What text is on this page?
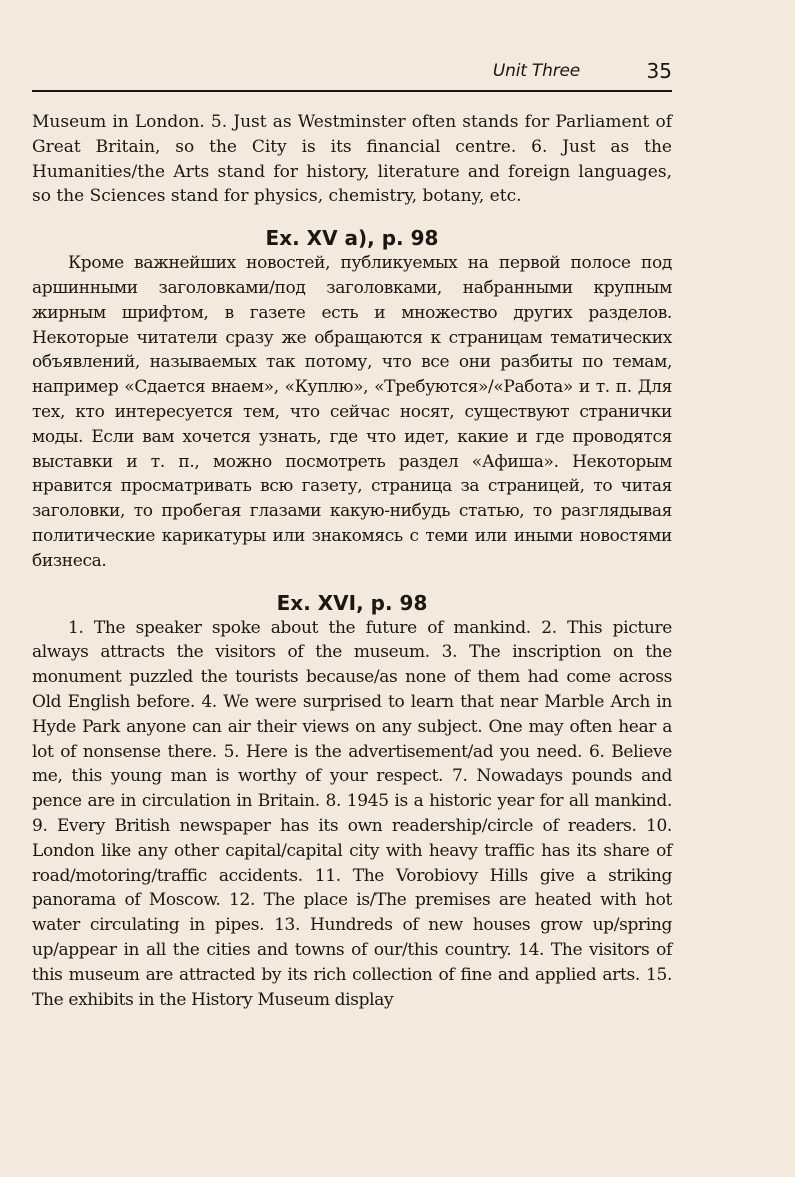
Unit Three	35

Museum in London. 5. Just as Westminster often stands for Parliament of Great Britain, so the City is its financial centre. 6. Just as the Humanities/the Arts stand for history, literature and foreign languages, so the Sciences stand for physics, chemistry, botany, etc.

Ex. XV a), p. 98

Кроме важнейших новостей, публикуемых на первой полосе под аршинными заголовками/под заголовками, набранными крупным жирным шрифтом, в газете есть и множество других разделов. Некоторые читатели сразу же обращаются к страницам тематических объявлений, называемых так потому, что все они разбиты по темам, например «Сдается внаем», «Куплю», «Требуются»/«Работа» и т. п. Для тех, кто интересуется тем, что сейчас носят, существуют странички моды. Если вам хочется узнать, где что идет, какие и где проводятся выставки и т. п., можно посмотреть раздел «Афиша». Некоторым нравится просматривать всю газету, страница за страницей, то читая заголовки, то пробегая глазами какую-нибудь статью, то разглядывая политические карикатуры или знакомясь с теми или иными новостями бизнеса.

Ex. XVI, p. 98

1. The speaker spoke about the future of mankind. 2. This picture always attracts the visitors of the museum. 3. The inscription on the monument puzzled the tourists because/as none of them had come across Old English before. 4. We were surprised to learn that near Marble Arch in Hyde Park anyone can air their views on any subject. One may often hear a lot of nonsense there. 5. Here is the advertisement/ad you need. 6. Believe me, this young man is worthy of your respect. 7. Nowadays pounds and pence are in circulation in Britain. 8. 1945 is a historic year for all mankind. 9. Every British newspaper has its own readership/circle of readers. 10. London like any other capital/capital city with heavy traffic has its share of road/motoring/traffic accidents. 11. The Vorobiovy Hills give a striking panorama of Moscow. 12. The place is/The premises are heated with hot water circulating in pipes. 13. Hundreds of new houses grow up/spring up/appear in all the cities and towns of our/this country. 14. The visitors of this museum are attracted by its rich collection of fine and applied arts. 15. The exhibits in the History Museum display
